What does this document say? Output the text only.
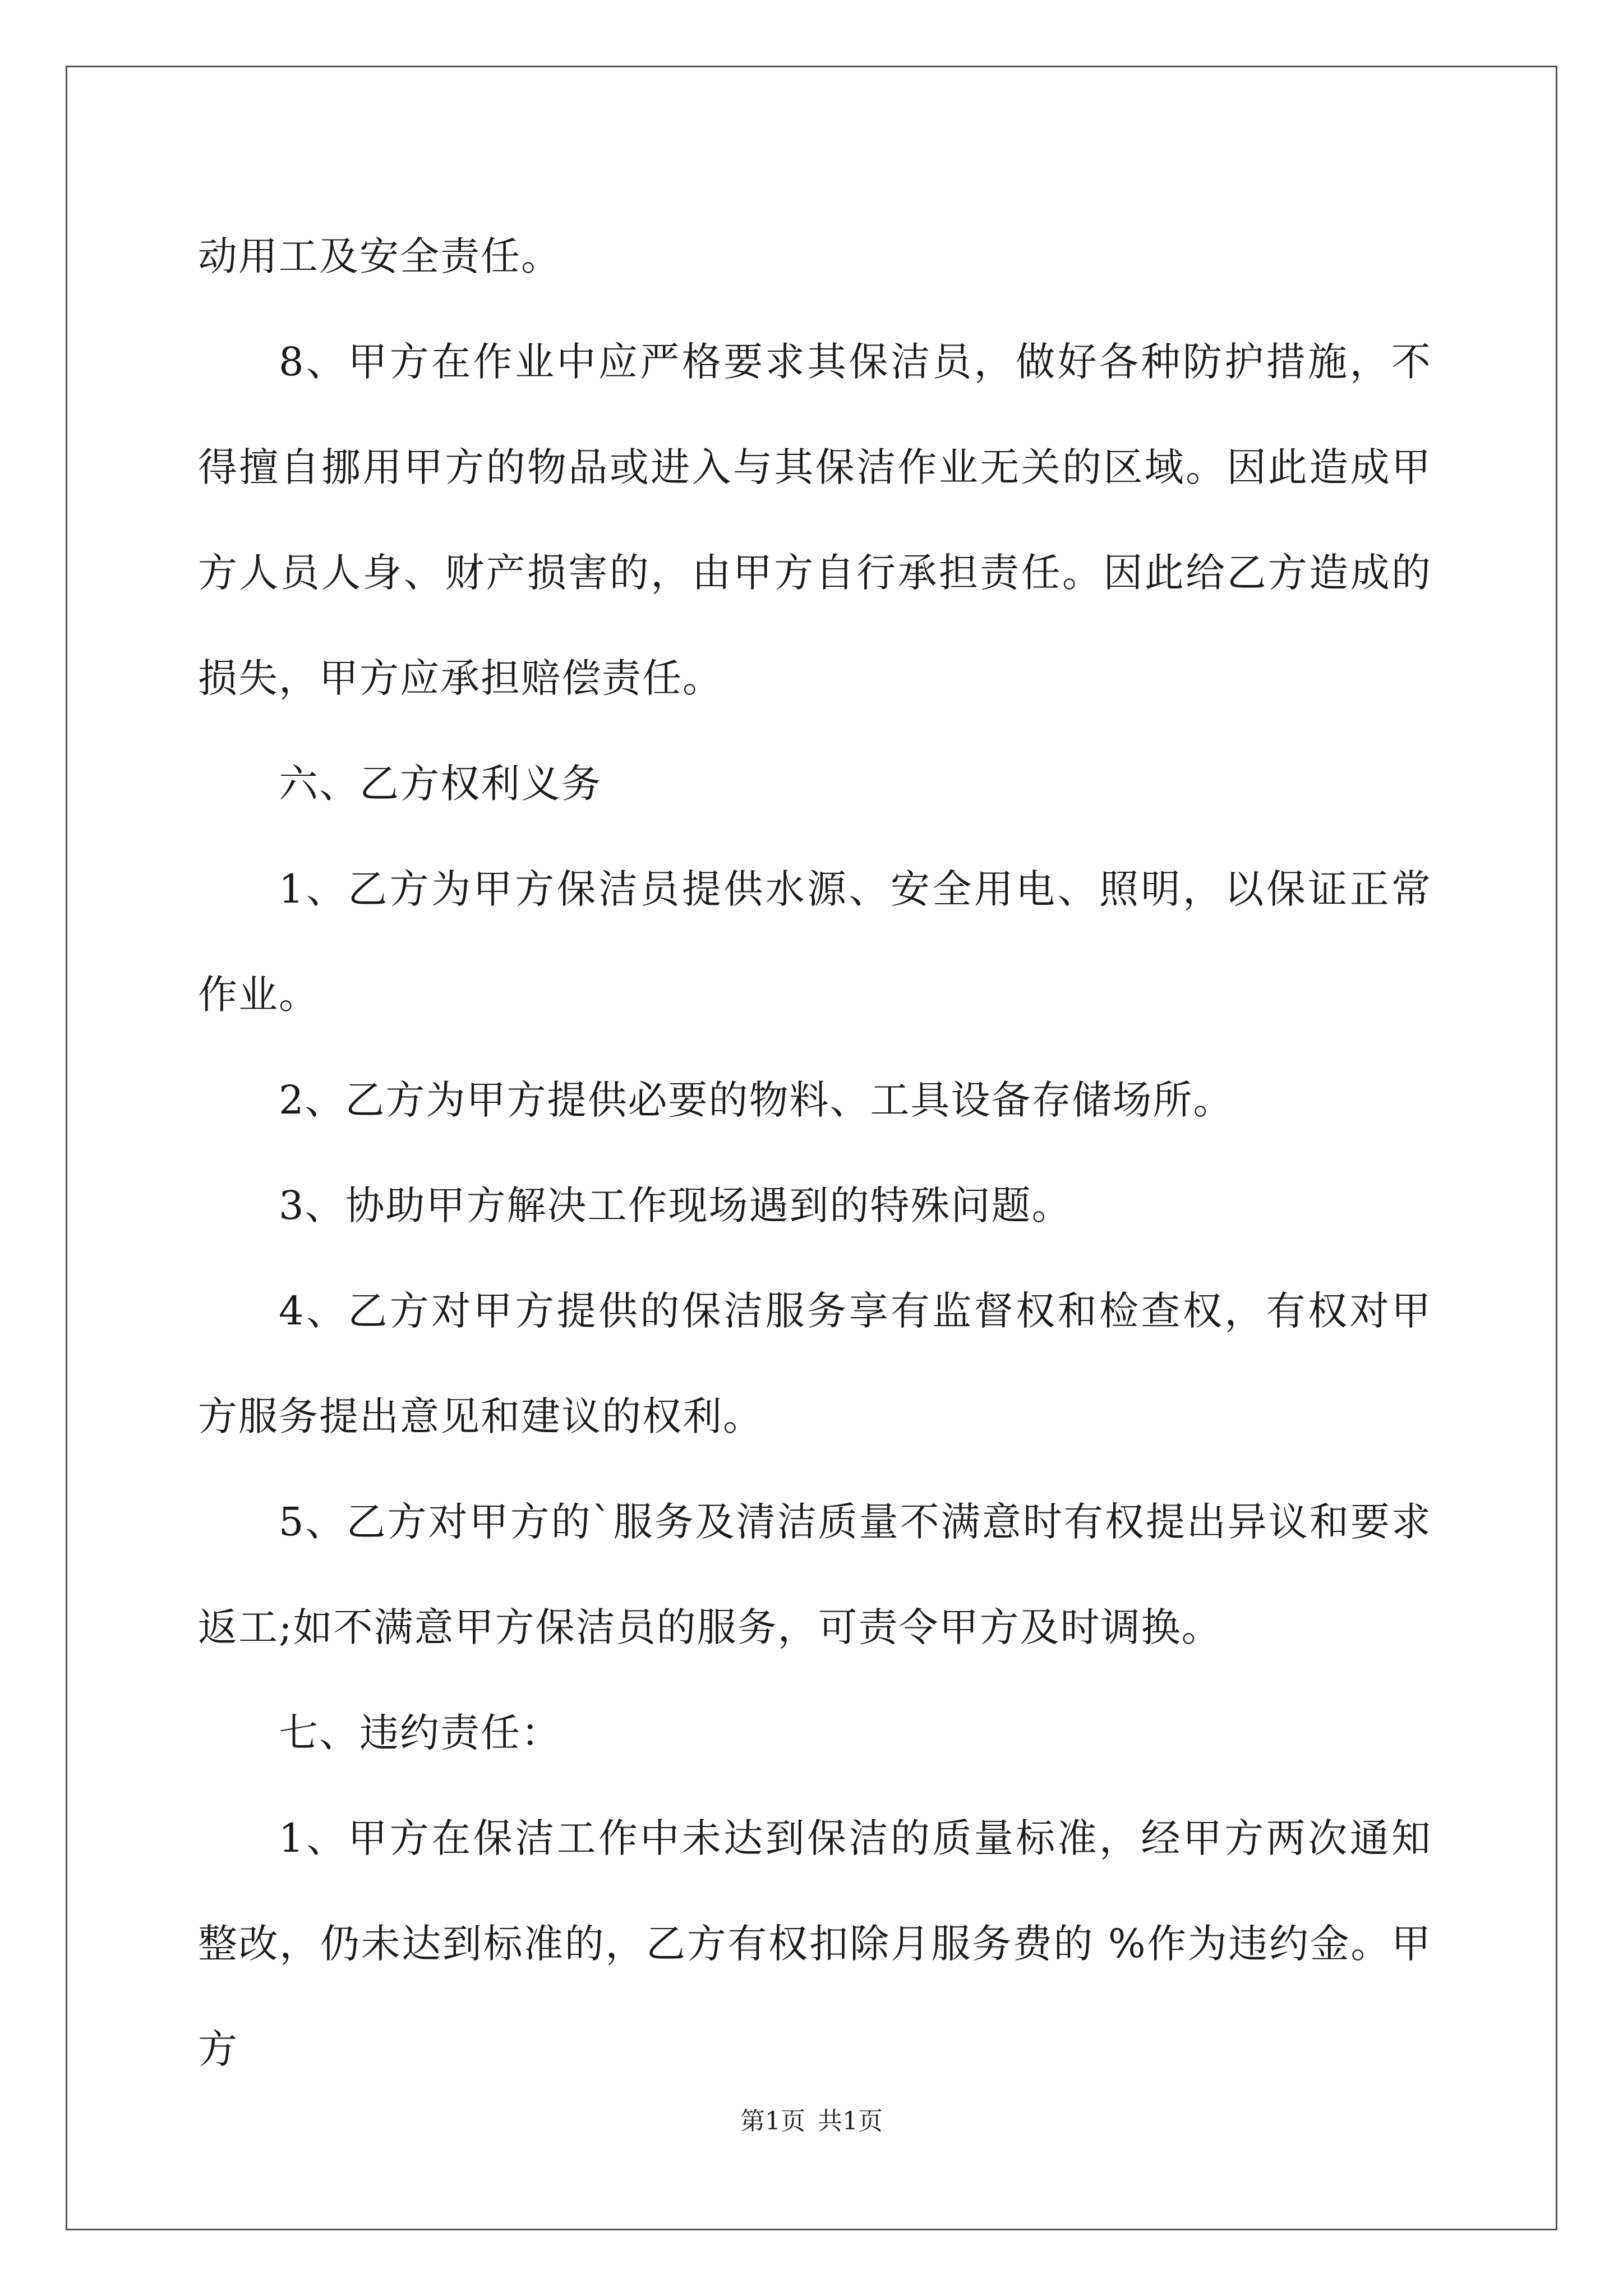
动用工及安全责任。

8、甲方在作业中应严格要求其保洁员，做好各种防护措施，不得擅自挪用甲方的物品或进入与其保洁作业无关的区域。因此造成甲方人员人身、财产损害的，由甲方自行承担责任。因此给乙方造成的损失，甲方应承担赔偿责任。

六、乙方权利义务

1、乙方为甲方保洁员提供水源、安全用电、照明，以保证正常作业。

2、乙方为甲方提供必要的物料、工具设备存储场所。

3、协助甲方解决工作现场遇到的特殊问题。

4、乙方对甲方提供的保洁服务享有监督权和检查权，有权对甲方服务提出意见和建议的权利。

5、乙方对甲方的`服务及清洁质量不满意时有权提出异议和要求返工;如不满意甲方保洁员的服务，可责令甲方及时调换。

七、违约责任：

1、甲方在保洁工作中未达到保洁的质量标准，经甲方两次通知整改，仍未达到标准的，乙方有权扣除月服务费的 %作为违约金。甲方

第1页 共1页
